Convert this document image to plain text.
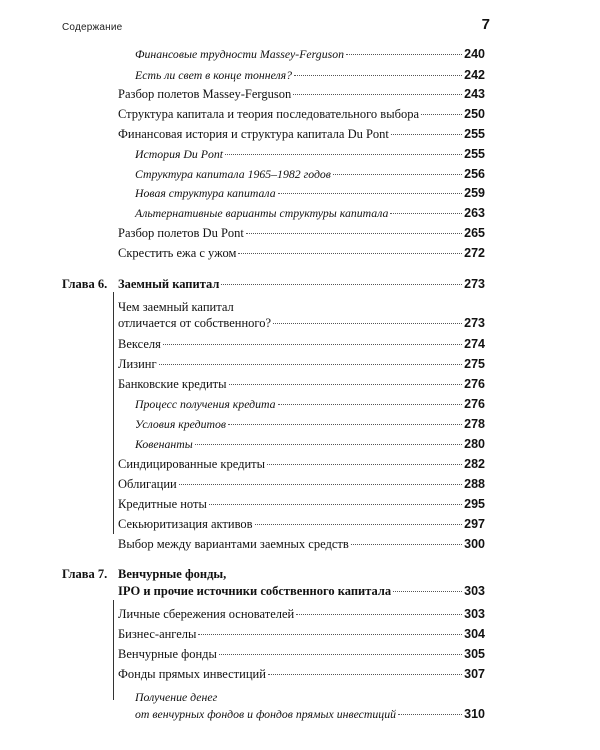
Содержание	7
Финансовые трудности Massey-Ferguson	240
Есть ли свет в конце тоннеля?	242
Разбор полетов Massey-Ferguson	243
Структура капитала и теория последовательного выбора	250
Финансовая история и структура капитала Du Pont	255
История Du Pont	255
Структура капитала 1965–1982 годов	256
Новая структура капитала	259
Альтернативные варианты структуры капитала	263
Разбор полетов Du Pont	265
Скрестить ежа с ужом	272
Глава 6. Заемный капитал	273
Чем заемный капитал
отличается от собственного?	273
Векселя	274
Лизинг	275
Банковские кредиты	276
Процесс получения кредита	276
Условия кредитов	278
Ковенанты	280
Синдицированные кредиты	282
Облигации	288
Кредитные ноты	295
Секьюритизация активов	297
Выбор между вариантами заемных средств	300
Глава 7. Венчурные фонды,
IPO и прочие источники собственного капитала	303
Личные сбережения основателей	303
Бизнес-ангелы	304
Венчурные фонды	305
Фонды прямых инвестиций	307
Получение денег
от венчурных фондов и фондов прямых инвестиций	310
